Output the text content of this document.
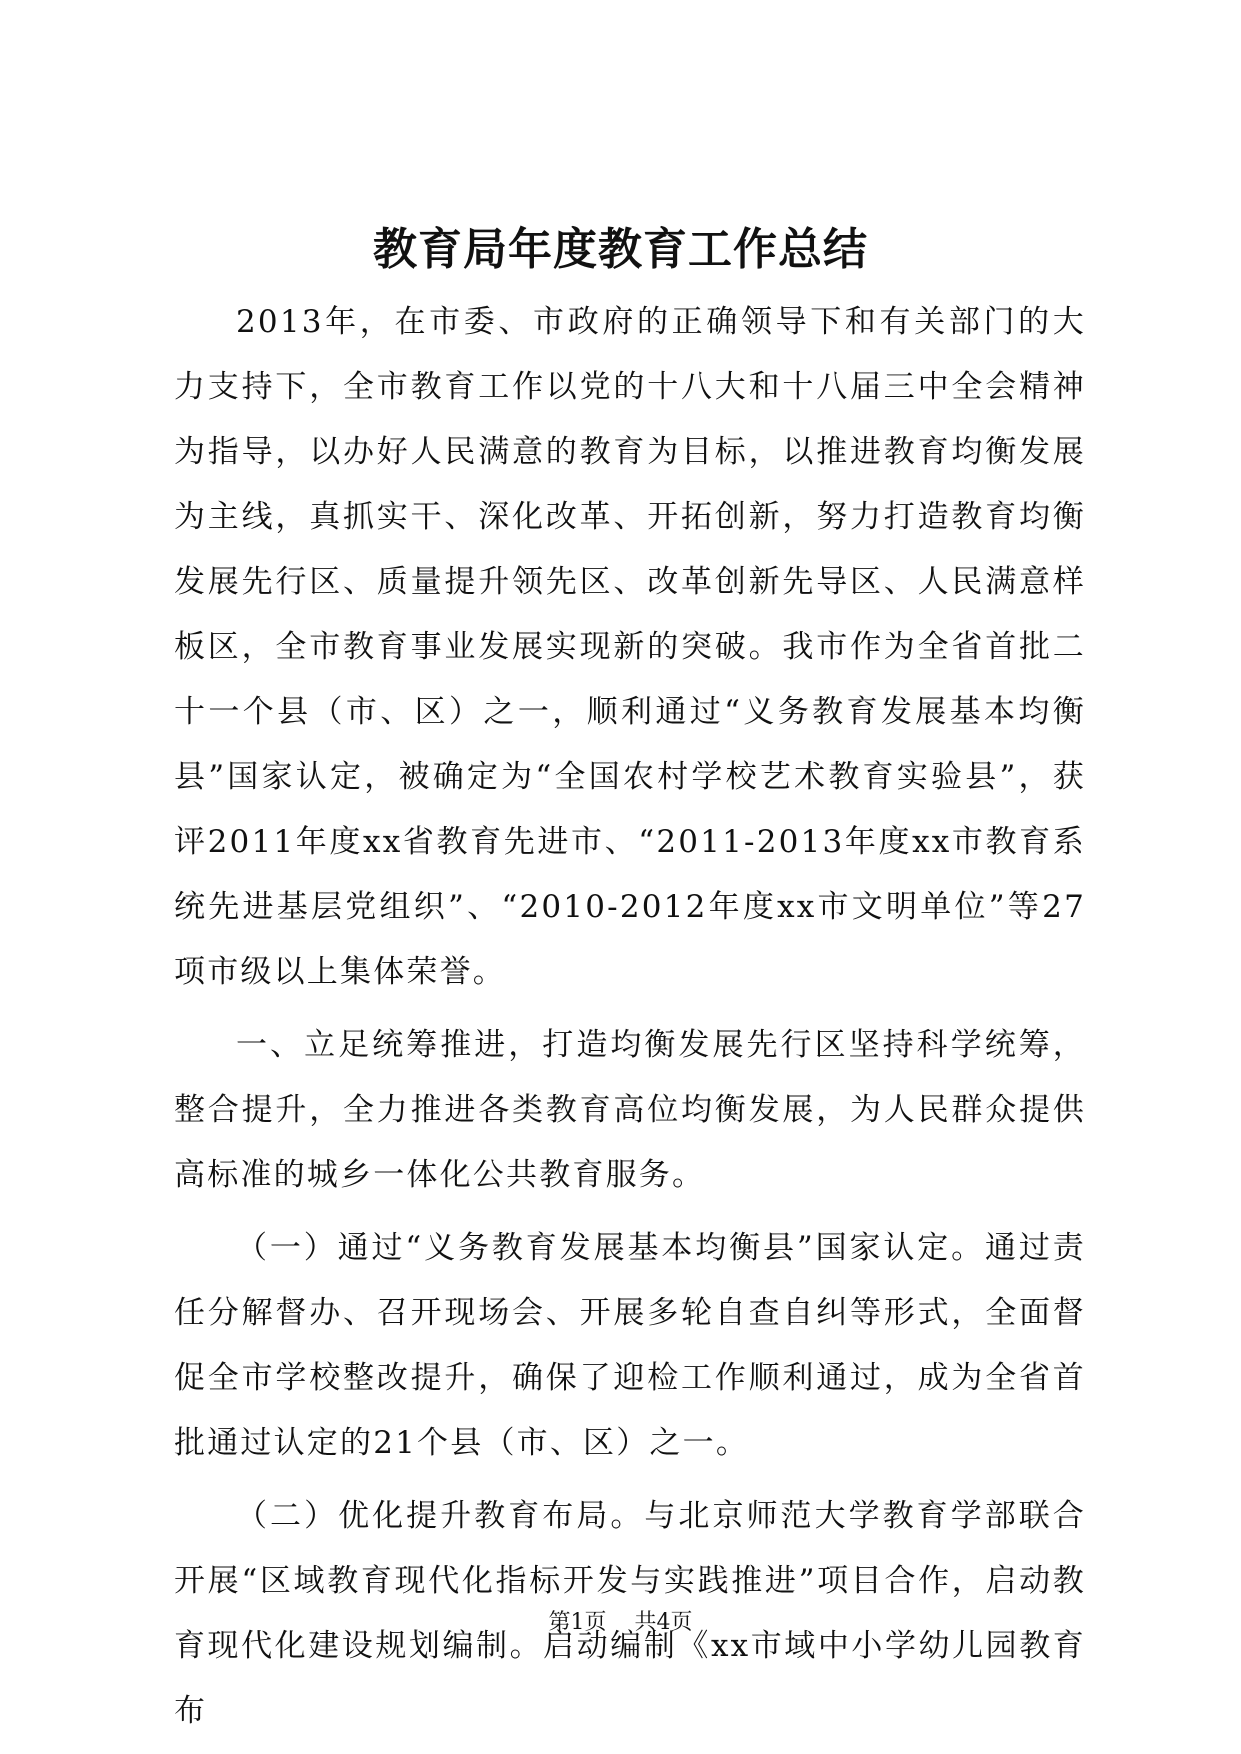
教育局年度教育工作总结

2013年，在市委、市政府的正确领导下和有关部门的大力支持下，全市教育工作以党的十八大和十八届三中全会精神为指导，以办好人民满意的教育为目标，以推进教育均衡发展为主线，真抓实干、深化改革、开拓创新，努力打造教育均衡发展先行区、质量提升领先区、改革创新先导区、人民满意样板区，全市教育事业发展实现新的突破。我市作为全省首批二十一个县（市、区）之一，顺利通过“义务教育发展基本均衡县”国家认定，被确定为“全国农村学校艺术教育实验县”，获评2011年度xx省教育先进市、“2011-2013年度xx市教育系统先进基层党组织”、“2010-2012年度xx市文明单位”等27项市级以上集体荣誉。

一、立足统筹推进，打造均衡发展先行区坚持科学统筹，整合提升，全力推进各类教育高位均衡发展，为人民群众提供高标准的城乡一体化公共教育服务。

（一）通过“义务教育发展基本均衡县”国家认定。通过责任分解督办、召开现场会、开展多轮自查自纠等形式，全面督促全市学校整改提升，确保了迎检工作顺利通过，成为全省首批通过认定的21个县（市、区）之一。

（二）优化提升教育布局。与北京师范大学教育学部联合开展“区域教育现代化指标开发与实践推进”项目合作，启动教育现代化建设规划编制。启动编制《xx市域中小学幼儿园教育布

第1页 共4页
